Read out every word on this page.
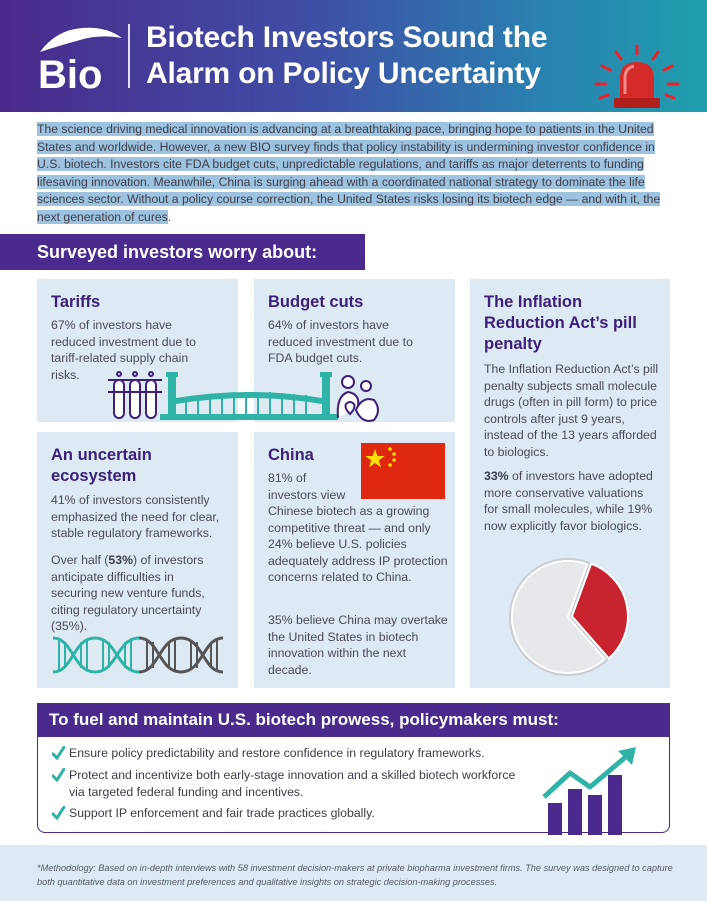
Bio
Biotech Investors Sound the
Alarm on Policy Uncertainty
The science driving medical innovation is advancing at a breathtaking pace, bringing hope to patients in the United States and worldwide. However, a new BIO survey finds that policy instability is undermining investor confidence in U.S. biotech. Investors cite FDA budget cuts, unpredictable regulations, and tariffs as major deterrents to funding lifesaving innovation. Meanwhile, China is surging ahead with a coordinated national strategy to dominate the life sciences sector. Without a policy course correction, the United States risks losing its biotech edge — and with it, the next generation of cures.
Surveyed investors worry about:
Tariffs

67% of investors have reduced investment due to tariff-related supply chain risks.

Budget cuts

64% of investors have reduced investment due to FDA budget cuts.

The Inflation Reduction Act’s pill penalty

The Inflation Reduction Act’s pill penalty subjects small molecule drugs (often in pill form) to price controls after just 9 years, instead of the 13 years afforded to biologics.

33% of investors have adopted more conservative valuations for small molecules, while 19% now explicitly favor biologics.

An uncertain ecosystem

41% of investors consistently emphasized the need for clear, stable regulatory frameworks.

Over half (53%) of investors anticipate difficulties in securing new venture funds, citing regulatory uncertainty (35%).

China

81% of
investors view
Chinese biotech as a growing competitive threat — and only 24% believe U.S. policies adequately address IP protection concerns related to China.

35% believe China may overtake the United States in biotech innovation within the next decade.

To fuel and maintain U.S. biotech prowess, policymakers must:
Ensure policy predictability and restore confidence in regulatory frameworks.
Protect and incentivize both early-stage innovation and a skilled biotech workforce via targeted federal funding and incentives.
Support IP enforcement and fair trade practices globally.

*Methodology: Based on in-depth interviews with 58 investment decision-makers at private biopharma investment firms. The survey was designed to capture both quantitative data on investment preferences and qualitative insights on strategic decision-making processes.
